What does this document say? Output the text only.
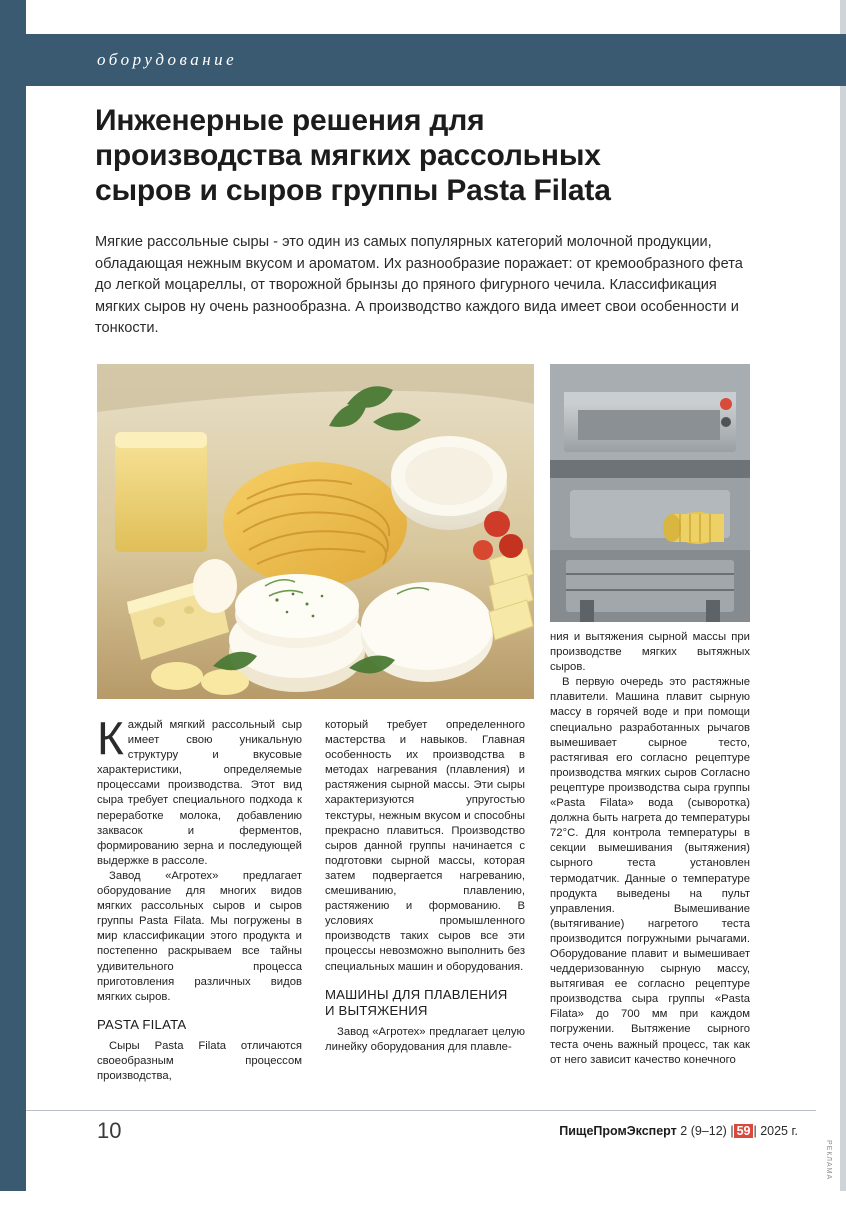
оборудование
Инженерные решения для
производства мягких рассольных
сыров и сыров группы Pasta Filata
Мягкие рассольные сыры - это один из самых популярных категорий молочной продукции, обладающая нежным вкусом и ароматом. Их разнообразие поражает: от кремообразного фета до легкой моцареллы, от творожной брынзы до пряного фигурного чечила. Классификация мягких сыров ну очень разнообразна. А производство каждого вида имеет свои особенности и тонкости.

Каждый мягкий рассольный сыр имеет свою уникальную структуру и вкусовые характеристики, определяемые процессами производства. Этот вид сыра требует специального подхода к переработке молока, добавлению заквасок и ферментов, формированию зерна и последующей выдержке в рассоле.

Завод «Агротех» предлагает оборудование для многих видов мягких рассольных сыров и сыров группы Pasta Filata. Мы погружены в мир классификации этого продукта и постепенно раскрываем все тайны удивительного процесса приготовления различных видов мягких сыров.

PASTA FILATA

Сыры Pasta Filata отличаются своеобразным процессом производства,

который требует определенного мастерства и навыков. Главная особенность их производства в методах нагревания (плавления) и растяжения сырной массы. Эти сыры характеризуются упругостью текстуры, нежным вкусом и способны прекрасно плавиться. Производство сыров данной группы начинается с подготовки сырной массы, которая затем подвергается нагреванию, смешиванию, плавлению, растяжению и формованию. В условиях промышленного производств таких сыров все эти процессы невозможно выполнить без специальных машин и оборудования.

МАШИНЫ ДЛЯ ПЛАВЛЕНИЯ
И ВЫТЯЖЕНИЯ

Завод «Агротех» предлагает целую линейку оборудования для плавле-

ния и вытяжения сырной массы при производстве мягких вытяжных сыров.

В первую очередь это растяжные плавители. Машина плавит сырную массу в горячей воде и при помощи специально разработанных рычагов вымешивает сырное тесто, растягивая его согласно рецептуре производства мягких сыров Согласно рецептуре производства сыра группы «Pasta Filata» вода (сыворотка) должна быть нагрета до температуры 72°С. Для контрола температуры в секции вымешивания (вытяжения) сырного теста установлен термодатчик. Данные о температуре продукта выведены на пульт управления. Вымешивание (вытягивание) нагретого теста производится погружными рычагами. Оборудование плавит и вымешивает чеддеризованную сырную массу, вытягивая ее согласно рецептуре производства сыра группы «Pasta Filata» до 700 мм при каждом погружении. Вытяжение сырного теста очень важный процесс, так как от него зависит качество конечного

10	ПищеПромЭксперт 2 (9–12) | 59 | 2025 г.
РЕКЛАМА
